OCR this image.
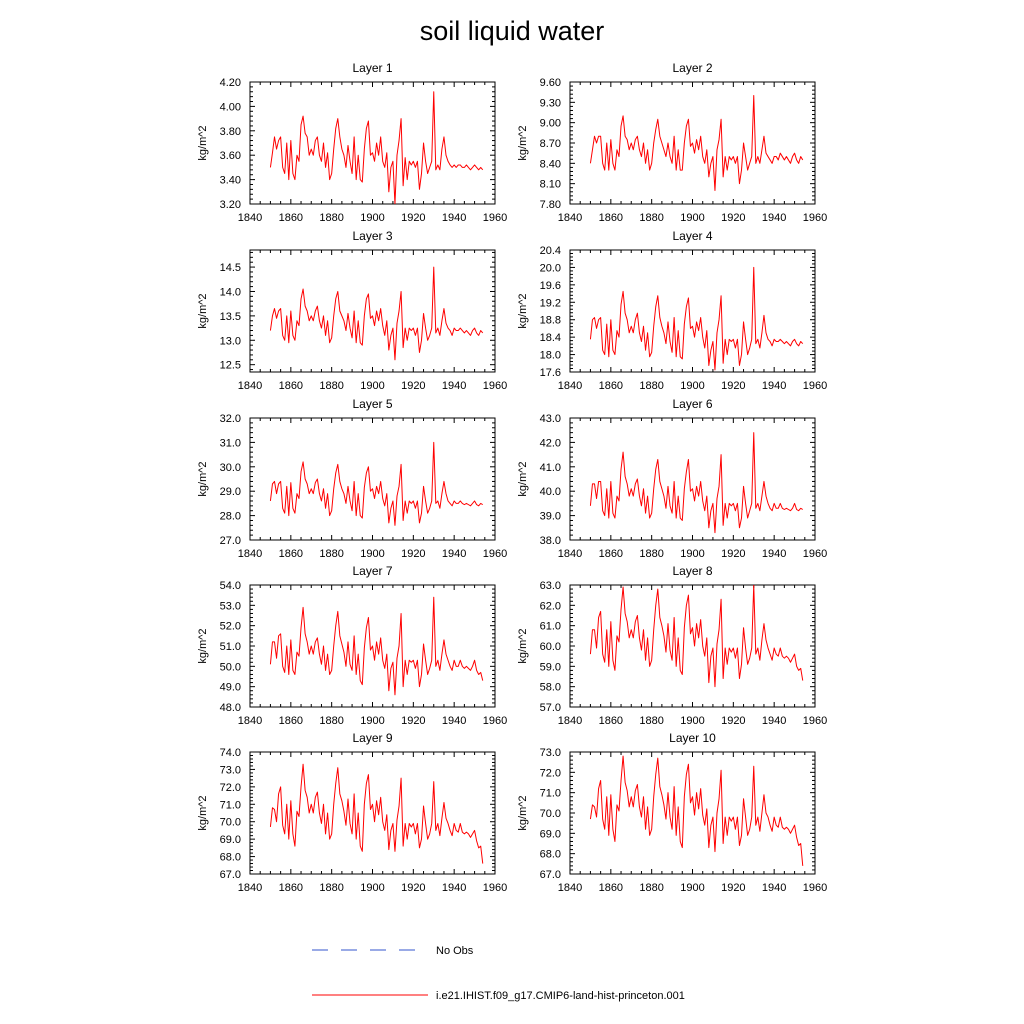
soil liquid water
Layer 1
1840 1860 1880 1900 1920 1940 1960
3.20
3.40
3.60
3.80
4.00
4.20
kg/m^2
Layer 2
1840 1860 1880 1900 1920 1940 1960
7.80
8.10
8.40
8.70
9.00
9.30
9.60
kg/m^2
Layer 3
1840 1860 1880 1900 1920 1940 1960
12.5
13.0
13.5
14.0
14.5
kg/m^2
Layer 4
1840 1860 1880 1900 1920 1940 1960
17.6
18.0
18.4
18.8
19.2
19.6
20.0
20.4
kg/m^2
Layer 5
1840 1860 1880 1900 1920 1940 1960
27.0
28.0
29.0
30.0
31.0
32.0
kg/m^2
Layer 6
1840 1860 1880 1900 1920 1940 1960
38.0
39.0
40.0
41.0
42.0
43.0
kg/m^2
Layer 7
1840 1860 1880 1900 1920 1940 1960
48.0
49.0
50.0
51.0
52.0
53.0
54.0
kg/m^2
Layer 8
1840 1860 1880 1900 1920 1940 1960
57.0
58.0
59.0
60.0
61.0
62.0
63.0
kg/m^2
Layer 9
1840 1860 1880 1900 1920 1940 1960
67.0
68.0
69.0
70.0
71.0
72.0
73.0
74.0
kg/m^2
Layer 10
1840 1860 1880 1900 1920 1940 1960
67.0
68.0
69.0
70.0
71.0
72.0
73.0
kg/m^2
No Obs
i.e21.IHIST.f09_g17.CMIP6-land-hist-princeton.001
